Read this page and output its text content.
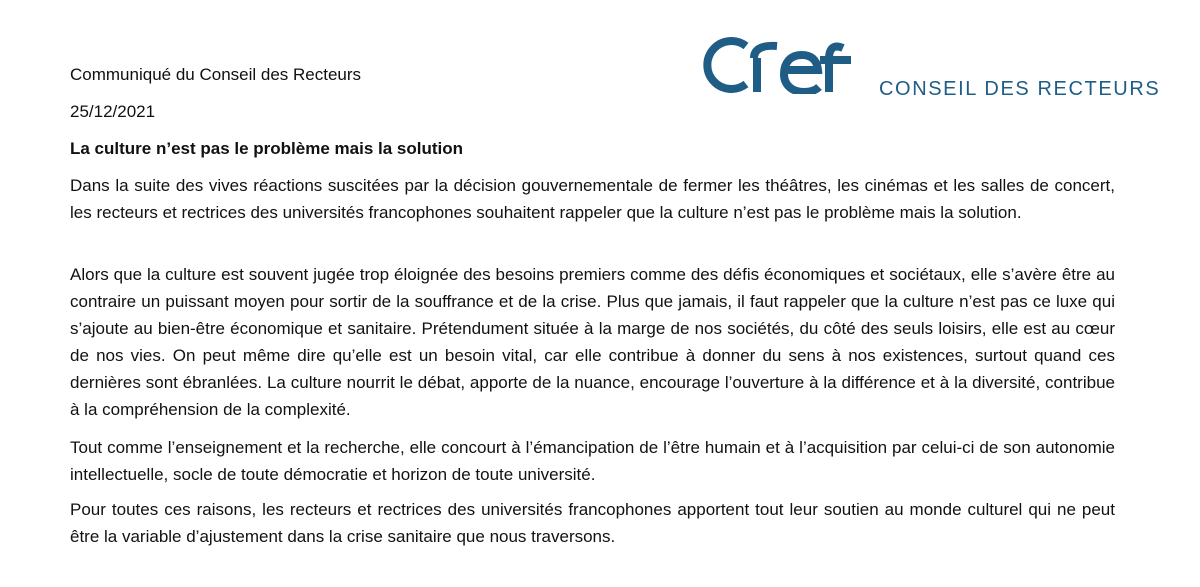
CONSEIL DES RECTEURS
Communiqué du Conseil des Recteurs
25/12/2021
La culture n’est pas le problème mais la solution

Dans la suite des vives réactions suscitées par la décision gouvernementale de fermer les théâtres, les cinémas et les salles de concert, les recteurs et rectrices des universités francophones souhaitent rappeler que la culture n’est pas le problème mais la solution.

Alors que la culture est souvent jugée trop éloignée des besoins premiers comme des défis économiques et sociétaux, elle s’avère être au contraire un puissant moyen pour sortir de la souffrance et de la crise. Plus que jamais, il faut rappeler que la culture n’est pas ce luxe qui s’ajoute au bien-être économique et sanitaire. Prétendument située à la marge de nos sociétés, du côté des seuls loisirs, elle est au cœur de nos vies. On peut même dire qu’elle est un besoin vital, car elle contribue à donner du sens à nos existences, surtout quand ces dernières sont ébranlées. La culture nourrit le débat, apporte de la nuance, encourage l’ouverture à la différence et à la diversité, contribue à la compréhension de la complexité.

Tout comme l’enseignement et la recherche, elle concourt à l’émancipation de l’être humain et à l’acquisition par celui-ci de son autonomie intellectuelle, socle de toute démocratie et horizon de toute université.

Pour toutes ces raisons, les recteurs et rectrices des universités francophones apportent tout leur soutien au monde culturel qui ne peut être la variable d’ajustement dans la crise sanitaire que nous traversons.
